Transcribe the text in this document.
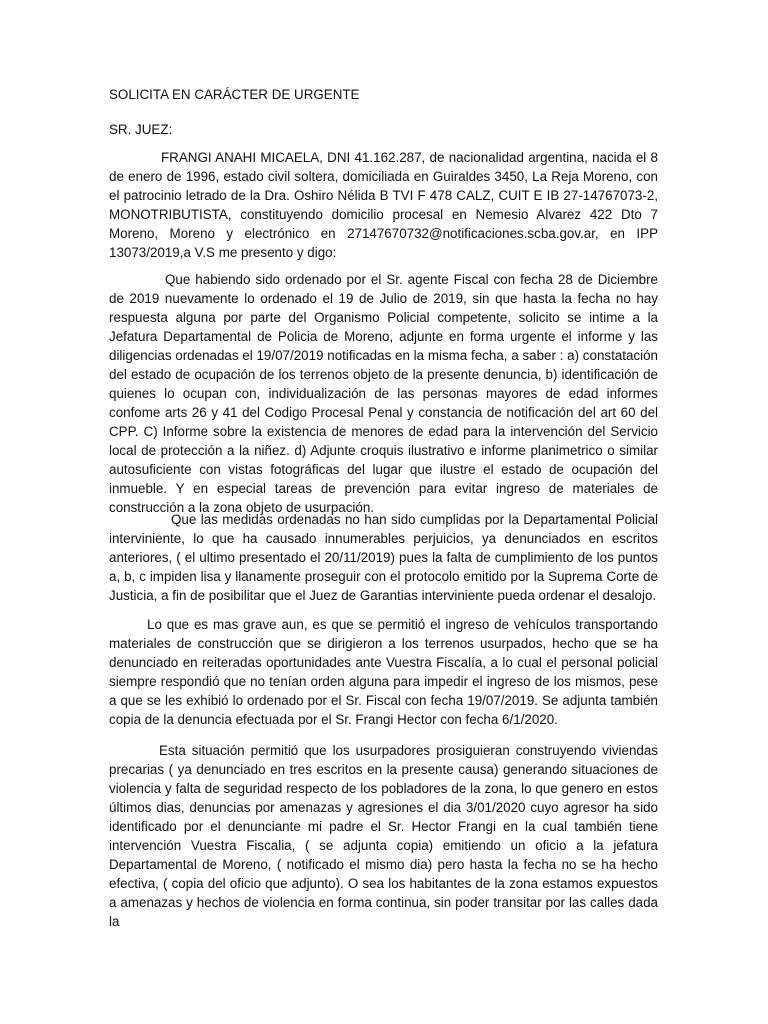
SOLICITA EN CARÁCTER DE URGENTE
SR. JUEZ:

FRANGI ANAHI MICAELA, DNI 41.162.287, de nacionalidad argentina, nacida el 8 de enero de 1996, estado civil soltera, domiciliada en Guiraldes 3450, La Reja Moreno, con el patrocinio letrado de la Dra. Oshiro Nélida B TVI F 478 CALZ, CUIT E IB 27-14767073-2, MONOTRIBUTISTA, constituyendo domicilio procesal en Nemesio Alvarez 422 Dto 7 Moreno, Moreno y electrónico en 27147670732@notificaciones.scba.gov.ar, en IPP 13073/2019,a V.S me presento y digo:

Que habiendo sido ordenado por el Sr. agente Fiscal con fecha 28 de Diciembre de 2019 nuevamente lo ordenado el 19 de Julio de 2019, sin que hasta la fecha no hay respuesta alguna por parte del Organismo Policial competente, solicito se intime a la Jefatura Departamental de Policia de Moreno, adjunte en forma urgente el informe y las diligencias ordenadas el 19/07/2019 notificadas en la misma fecha, a saber : a) constatación del estado de ocupación de los terrenos objeto de la presente denuncia, b) identificación de quienes lo ocupan con, individualización de las personas mayores de edad informes confome arts 26 y 41 del Codigo Procesal Penal y constancia de notificación del art 60 del CPP. C) Informe sobre la existencia de menores de edad para la intervención del Servicio local de protección a la niñez. d) Adjunte croquis ilustrativo e informe planimetrico o similar autosuficiente con vistas fotográficas del lugar que ilustre el estado de ocupación del inmueble. Y en especial tareas de prevención para evitar ingreso de materiales de construcción a la zona objeto de usurpación.

Que las medidas ordenadas no han sido cumplidas por la Departamental Policial interviniente, lo que ha causado innumerables perjuicios, ya denunciados en escritos anteriores, ( el ultimo presentado el 20/11/2019) pues la falta de cumplimiento de los puntos a, b, c impiden lisa y llanamente proseguir con el protocolo emitido por la Suprema Corte de Justicia, a fin de posibilitar que el Juez de Garantias interviniente pueda ordenar el desalojo.

Lo que es mas grave aun, es que se permitió el ingreso de vehículos transportando materiales de construcción que se dirigieron a los terrenos usurpados, hecho que se ha denunciado en reiteradas oportunidades ante Vuestra Fiscalía, a lo cual el personal policial siempre respondió que no tenían orden alguna para impedir el ingreso de los mismos, pese a que se les exhibió lo ordenado por el Sr. Fiscal con fecha 19/07/2019. Se adjunta también copia de la denuncia efectuada por el Sr. Frangi Hector con fecha 6/1/2020.

Esta situación permitió que los usurpadores prosiguieran construyendo viviendas precarias ( ya denunciado en tres escritos en la presente causa) generando situaciones de violencia y falta de seguridad respecto de los pobladores de la zona, lo que genero en estos últimos dias, denuncias por amenazas y agresiones el dia 3/01/2020 cuyo agresor ha sido identificado por el denunciante mi padre el Sr. Hector Frangi en la cual también tiene intervención Vuestra Fiscalia, ( se adjunta copia) emitiendo un oficio a la jefatura Departamental de Moreno, ( notificado el mismo dia) pero hasta la fecha no se ha hecho efectiva, ( copia del oficio que adjunto). O sea los habitantes de la zona estamos expuestos a amenazas y hechos de violencia en forma continua, sin poder transitar por las calles dada la
